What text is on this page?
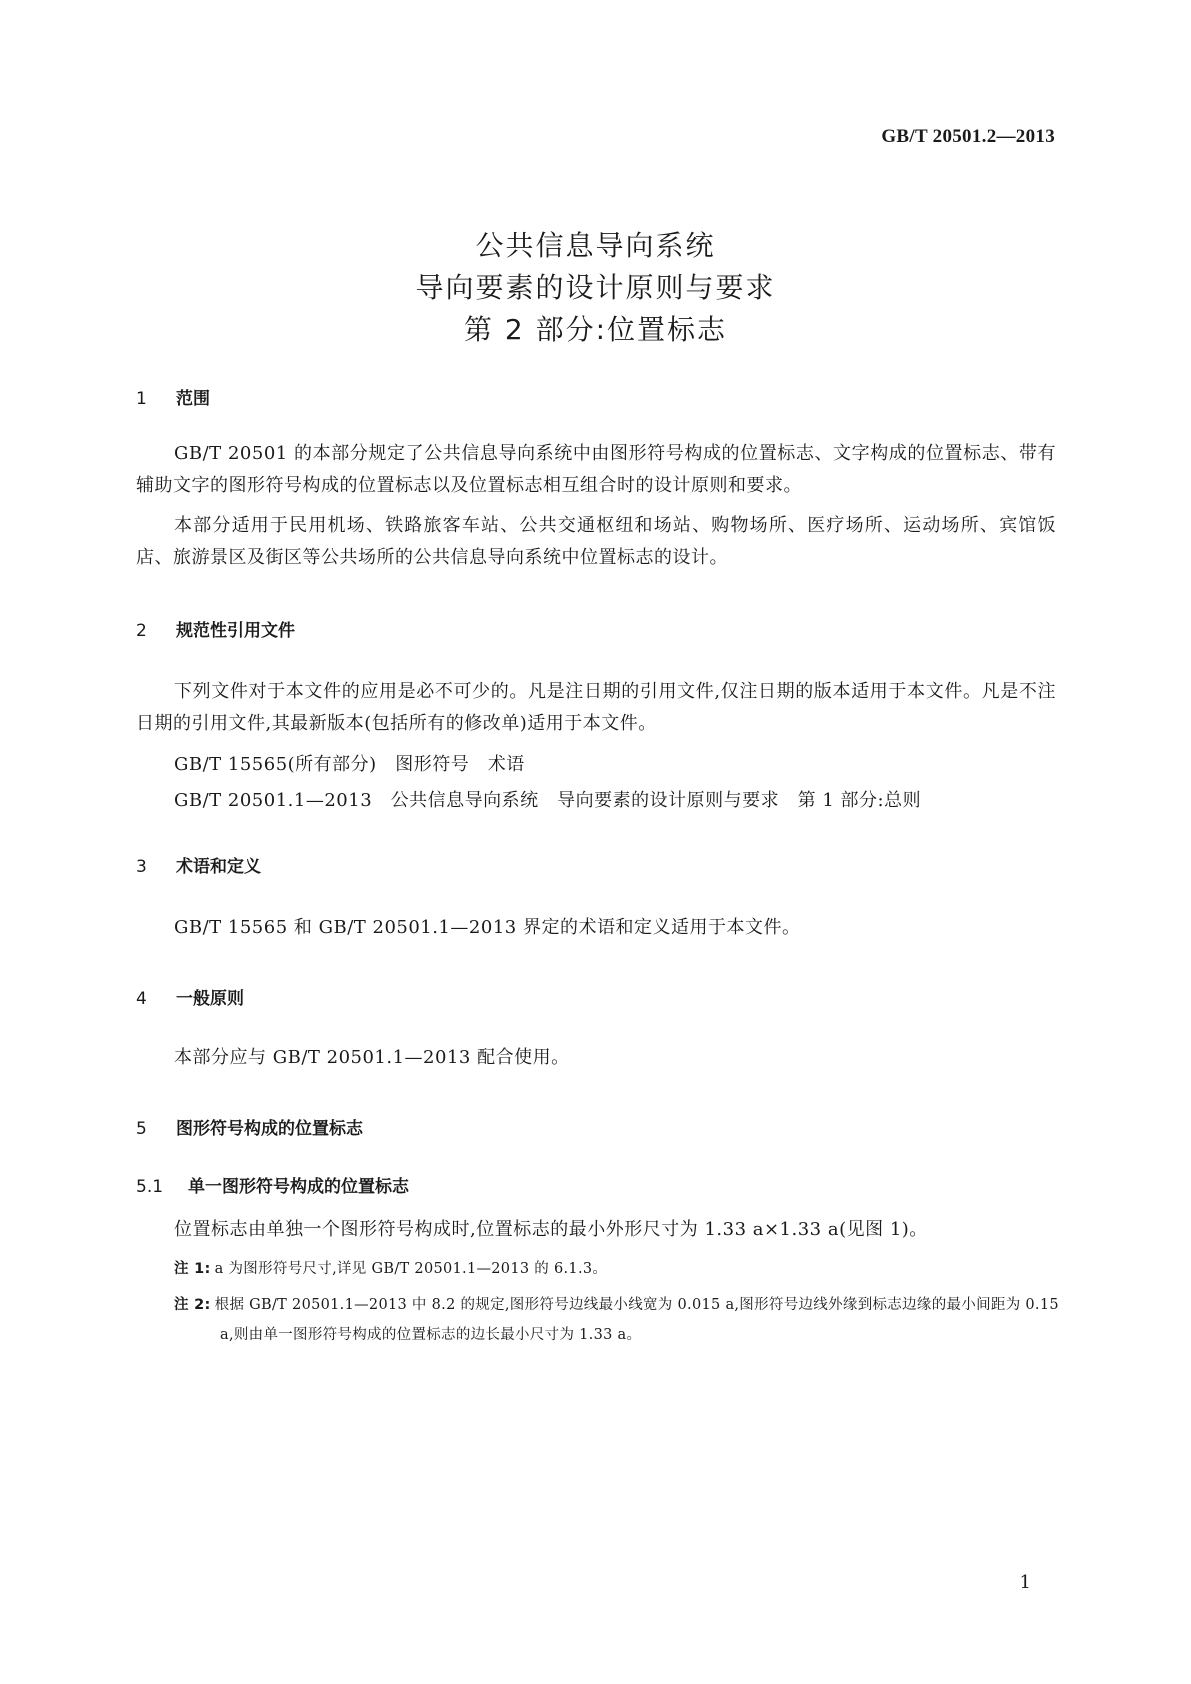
GB/T 20501.2—2013
公共信息导向系统
导向要素的设计原则与要求
第 2 部分:位置标志
1 范围
GB/T 20501 的本部分规定了公共信息导向系统中由图形符号构成的位置标志、文字构成的位置标志、带有辅助文字的图形符号构成的位置标志以及位置标志相互组合时的设计原则和要求。
本部分适用于民用机场、铁路旅客车站、公共交通枢纽和场站、购物场所、医疗场所、运动场所、宾馆饭店、旅游景区及街区等公共场所的公共信息导向系统中位置标志的设计。
2 规范性引用文件
下列文件对于本文件的应用是必不可少的。凡是注日期的引用文件,仅注日期的版本适用于本文件。凡是不注日期的引用文件,其最新版本(包括所有的修改单)适用于本文件。
GB/T 15565(所有部分)　图形符号　术语
GB/T 20501.1—2013　公共信息导向系统　导向要素的设计原则与要求　第 1 部分:总则
3 术语和定义
GB/T 15565 和 GB/T 20501.1—2013 界定的术语和定义适用于本文件。
4 一般原则
本部分应与 GB/T 20501.1—2013 配合使用。
5 图形符号构成的位置标志
5.1 单一图形符号构成的位置标志
位置标志由单独一个图形符号构成时,位置标志的最小外形尺寸为 1.33 a×1.33 a(见图 1)。
注 1: a 为图形符号尺寸,详见 GB/T 20501.1—2013 的 6.1.3。
注 2: 根据 GB/T 20501.1—2013 中 8.2 的规定,图形符号边线最小线宽为 0.015 a,图形符号边线外缘到标志边缘的最小间距为 0.15 a,则由单一图形符号构成的位置标志的边长最小尺寸为 1.33 a。
1
